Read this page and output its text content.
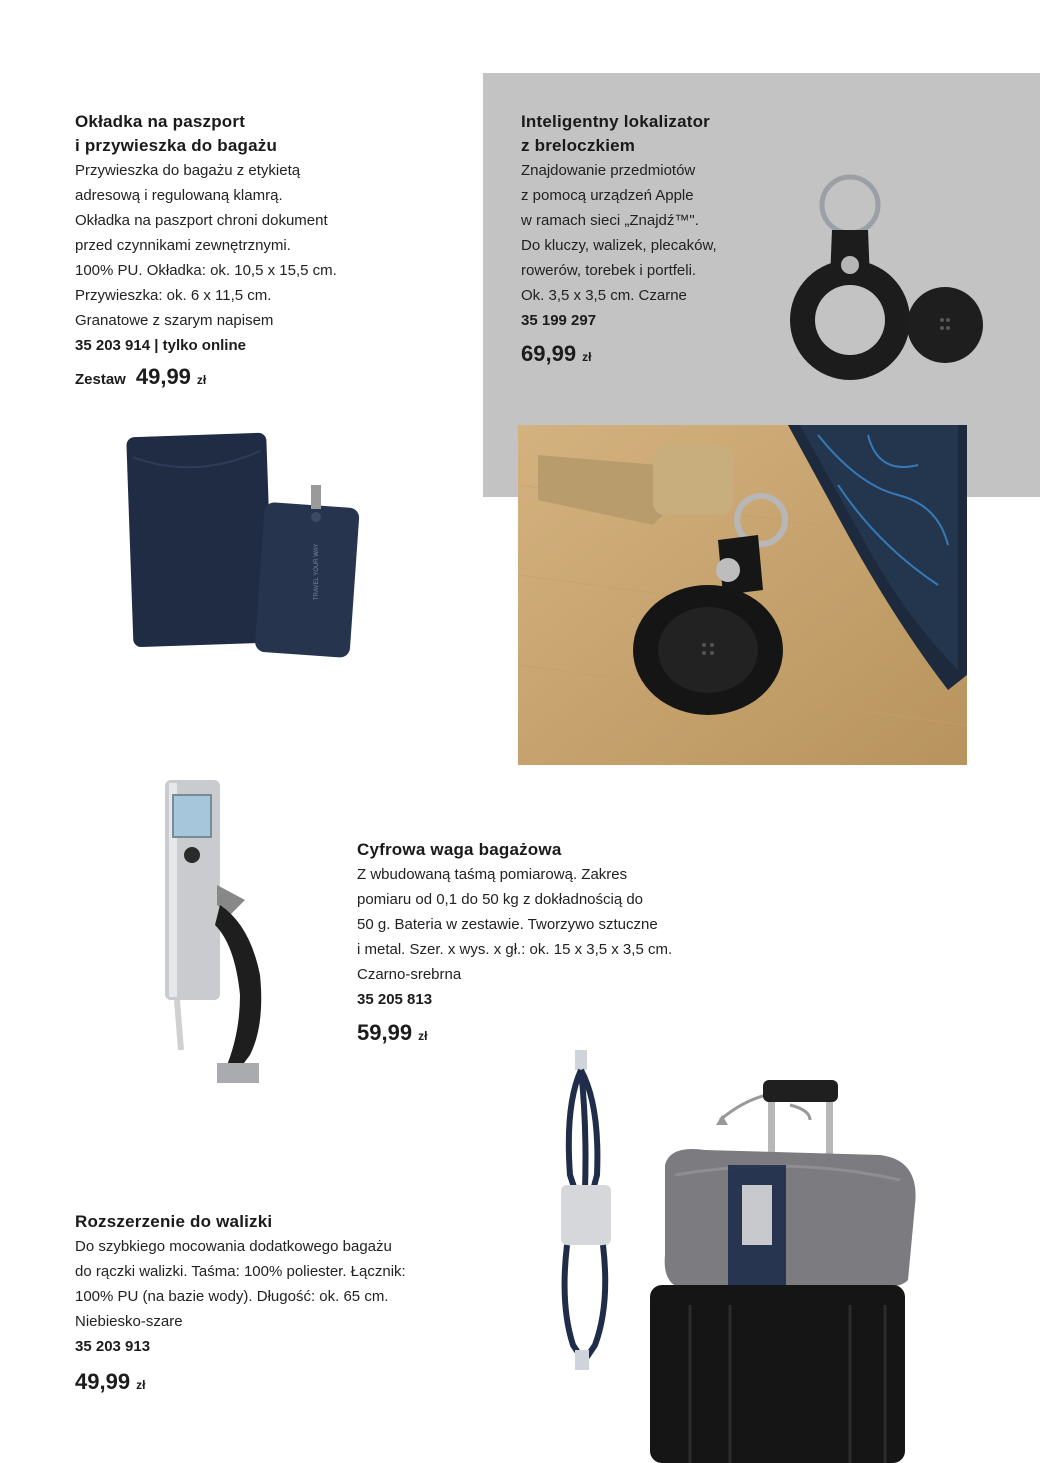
Okładka na paszport
i przywieszka do bagażu
Przywieszka do bagażu z etykietą
adresową i regulowaną klamrą.
Okładka na paszport chroni dokument
przed czynnikami zewnętrznymi.
100% PU. Okładka: ok. 10,5 x 15,5 cm.
Przywieszka: ok. 6 x 11,5 cm.
Granatowe z szarym napisem
35 203 914 | tylko online
Zestaw 49,99 zł
TRAVEL YOUR WAY
Inteligentny lokalizator
z breloczkiem
Znajdowanie przedmiotów
z pomocą urządzeń Apple
w ramach sieci „Znajdź™".
Do kluczy, walizek, plecaków,
rowerów, torebek i portfeli.
Ok. 3,5 x 3,5 cm. Czarne
35 199 297
69,99 zł
Cyfrowa waga bagażowa
Z wbudowaną taśmą pomiarową. Zakres
pomiaru od 0,1 do 50 kg z dokładnością do
50 g. Bateria w zestawie. Tworzywo sztuczne
i metal. Szer. x wys. x gł.: ok. 15 x 3,5 x 3,5 cm.
Czarno-srebrna
35 205 813
59,99 zł
Rozszerzenie do walizki
Do szybkiego mocowania dodatkowego bagażu
do rączki walizki. Taśma: 100% poliester. Łącznik:
100% PU (na bazie wody). Długość: ok. 65 cm.
Niebiesko-szare
35 203 913
49,99 zł
